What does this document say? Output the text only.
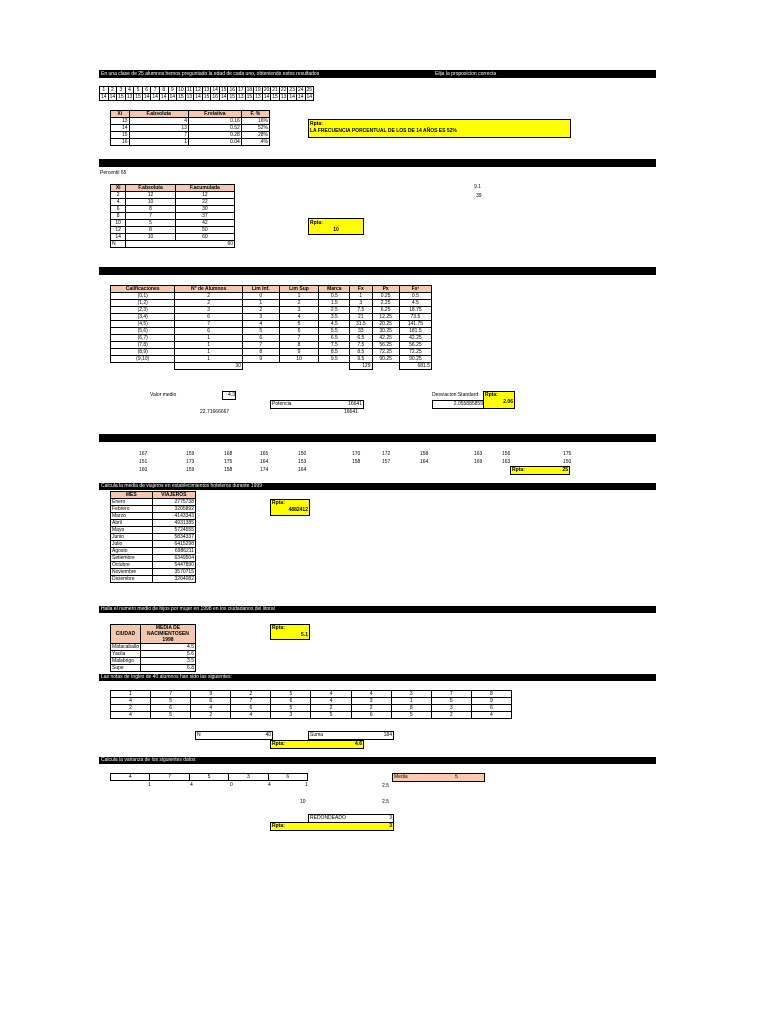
En una clase de 25 alumnos hemos preguntado la edad de cada uno, obteniendo estos resultados	Elija la proposicion correcta
1	2	3	4	5	6	7	8	9	10	11	12	13	14	15	16	17	18	19	20	21	22	23	24	25
14	14	15	13	15	14	14	14	14	15	13	14	15	16	14	15	13	15	13	14	15	13	14	14	14
Xi	F.absoluta	F.relativa	F. %
13	4	0.16	16%
14	13	0.52	52%
15	7	0.28	28%
16	1	0.04	4%
Rpta:
LA FRECUENCIA PORCENTUAL DE LOS DE 14 AÑOS ES 52%
Percentil 65
Xi	F.absoluta	F.acumulada
2	12	12
4	10	22
6	8	30
8	7	37
10	5	42
12	8	50
14	10	60
N	60	
9.1
39
Rpta:
10
Calificaciones	N° de Alumnos	Lim Inf.	Lim Sup	Marca	Fx	Px	Fx²
(0,1)	2	0	1	0.5	1	0.25	0.5
(1,2)	2	1	2	1.5	3	2.25	4.5
(2,3)	3	2	3	2.5	7.5	6.25	18.75
(3,4)	6	3	4	3.5	21	12.25	73.5
(4,5)	7	4	5	4.5	31.5	20.25	141.75
(5,6)	6	5	6	5.5	33	30.25	181.5
(6,7)	1	6	7	6.5	6.5	42.25	42.25
(7,8)	1	7	8	7.5	7.5	56.25	56.25
(8,9)	1	8	9	8.5	8.5	72.25	72.25
(9,10)	1	9	10	9.5	9.5	90.25	90.25
	30				129		681.5
Valor medio	4.3
Potencia	16641
16641
22.71666667
Desviacion Standard
2.055885859
Rpta:
2.06
167	159	168	165	150	170	172	158	163	156	175
151	173	175	164	153	158	157	164	169	163	150
160	159	158	174	164	Rpta:	25
Calcula la media de viajeros en establecimientos hoteleros durante 1999
MES	VIAJEROS
Enero	2775738
Febrero	3205892
Marzo	4143343
Abril	4931385
Mayo	5724555
Junio	5834337
Julio	6415298
Agosto	6986211
Setiembre	6349504
Octubre	5447890
Noviembre	3570715
Diciembre	3204082
Rpta:
4882412
Halla el numero medio de hijos por mujer en 1998 en los ciudadanos del litoral
CIUDAD	MEDIA DE NACIMIENTOSEN 1998
Matacaballo	4.5
Yacila	5.6
Malabrigo	3.5
Supe	6.8
Rpta:
5.1
Las notas de Ingles de 40 alumnos han sido las siguientes:
1	7	9	2	5	4	4	3	7	8
4	5	6	7	6	4	3	1	5	9
2	6	4	6	5	2	2	8	3	6
4	5	2	4	3	5	6	5	2	4
N	40	Suma	184
Rpta:	4.6
Calcula la varianza de los siguientes datos
4	7	5	3	6
1	4	0	4	1
Media	5
2.5
10	2.5
REDONDEADO	3
Rpta:	3
